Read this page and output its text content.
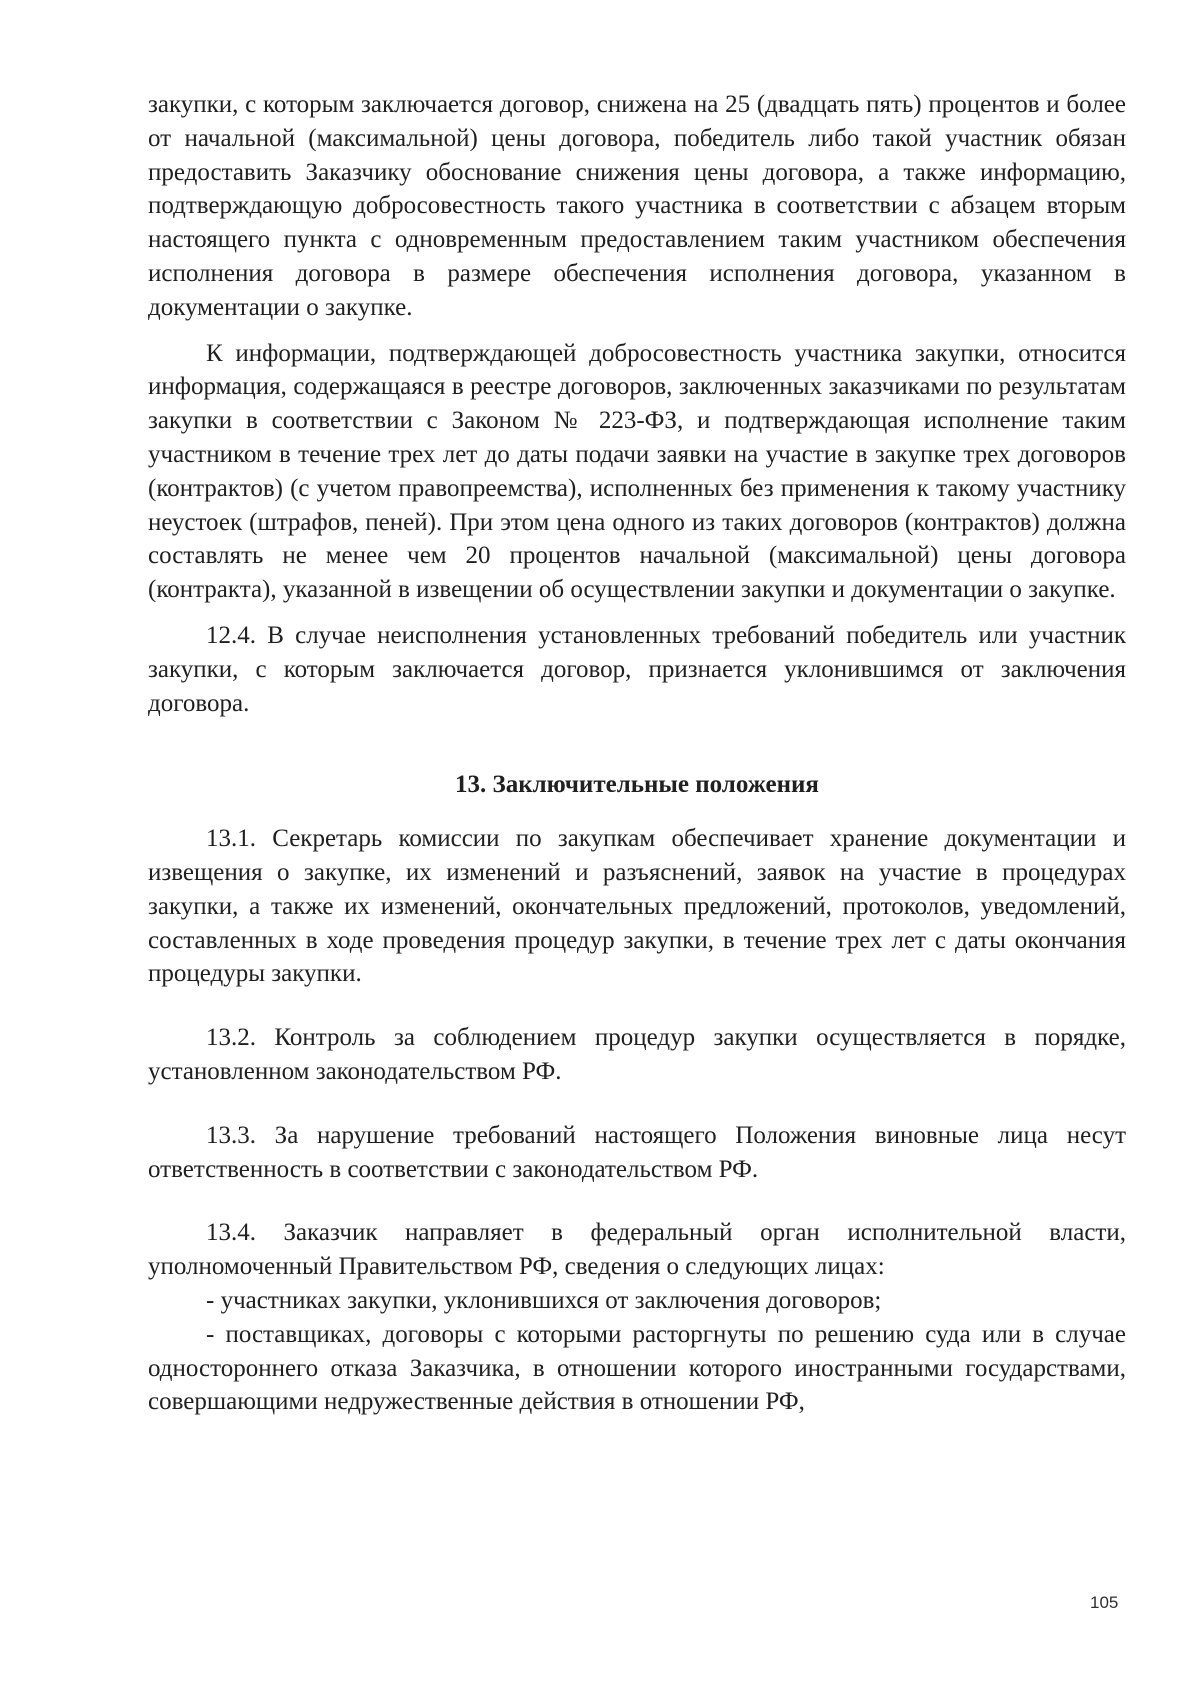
закупки, с которым заключается договор, снижена на 25 (двадцать пять) процентов и более от начальной (максимальной) цены договора, победитель либо такой участник обязан предоставить Заказчику обоснование снижения цены договора, а также информацию, подтверждающую добросовестность такого участника в соответствии с абзацем вторым настоящего пункта с одновременным предоставлением таким участником обеспечения исполнения договора в размере обеспечения исполнения договора, указанном в документации о закупке.

К информации, подтверждающей добросовестность участника закупки, относится информация, содержащаяся в реестре договоров, заключенных заказчиками по результатам закупки в соответствии с Законом № 223-ФЗ, и подтверждающая исполнение таким участником в течение трех лет до даты подачи заявки на участие в закупке трех договоров (контрактов) (с учетом правопреемства), исполненных без применения к такому участнику неустоек (штрафов, пеней). При этом цена одного из таких договоров (контрактов) должна составлять не менее чем 20 процентов начальной (максимальной) цены договора (контракта), указанной в извещении об осуществлении закупки и документации о закупке.

12.4. В случае неисполнения установленных требований победитель или участник закупки, с которым заключается договор, признается уклонившимся от заключения договора.

13. Заключительные положения

13.1. Секретарь комиссии по закупкам обеспечивает хранение документации и извещения о закупке, их изменений и разъяснений, заявок на участие в процедурах закупки, а также их изменений, окончательных предложений, протоколов, уведомлений, составленных в ходе проведения процедур закупки, в течение трех лет с даты окончания процедуры закупки.

13.2. Контроль за соблюдением процедур закупки осуществляется в порядке, установленном законодательством РФ.

13.3. За нарушение требований настоящего Положения виновные лица несут ответственность в соответствии с законодательством РФ.

13.4. Заказчик направляет в федеральный орган исполнительной власти, уполномоченный Правительством РФ, сведения о следующих лицах:

- участниках закупки, уклонившихся от заключения договоров;

- поставщиках, договоры с которыми расторгнуты по решению суда или в случае одностороннего отказа Заказчика, в отношении которого иностранными государствами, совершающими недружественные действия в отношении РФ,

105
